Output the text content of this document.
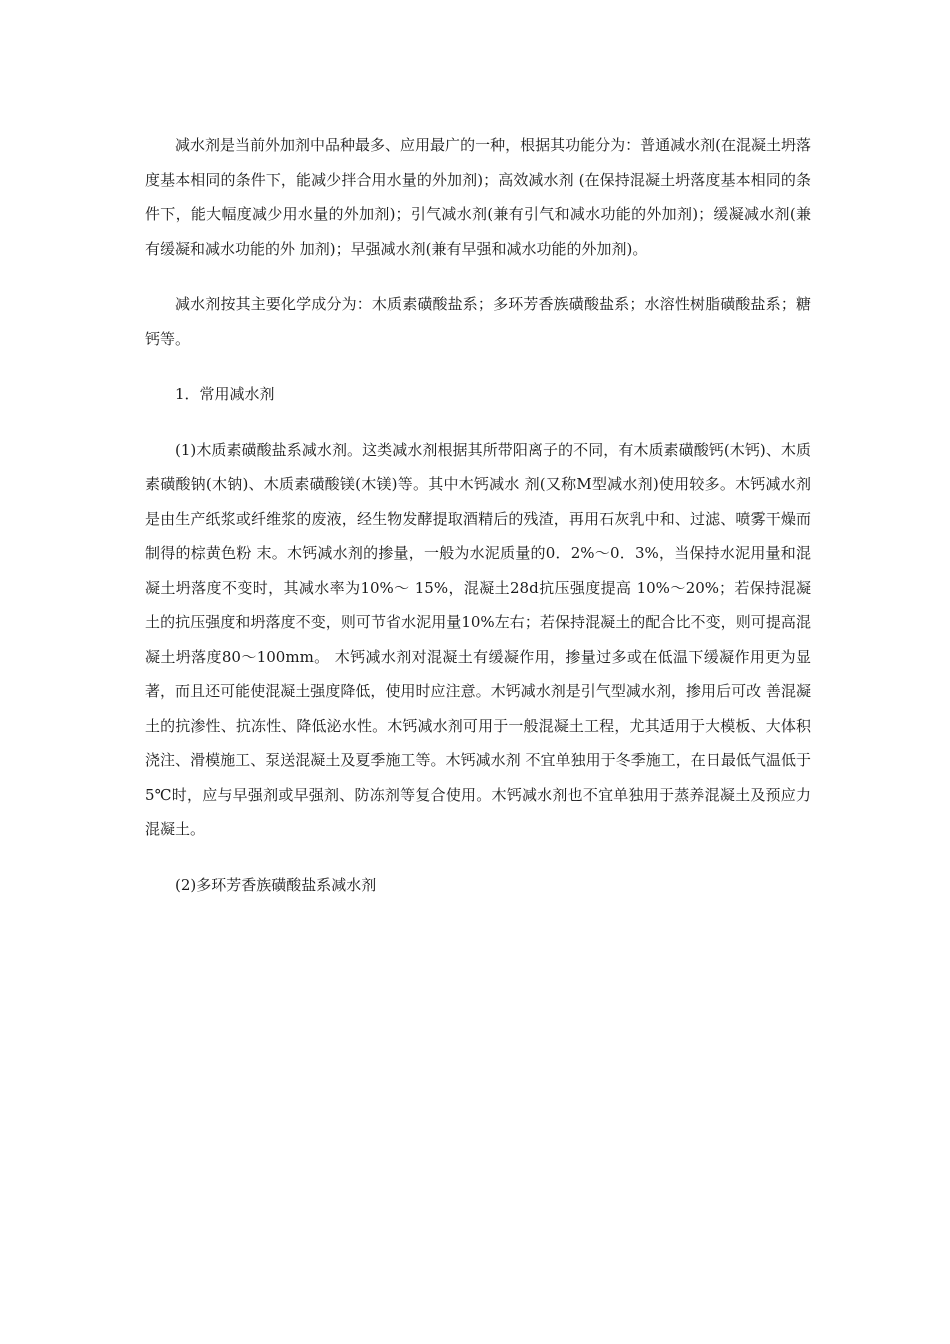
减水剂是当前外加剂中品种最多、应用最广的一种，根据其功能分为：普通减水剂(在混凝土坍落度基本相同的条件下，能减少拌合用水量的外加剂)；高效减水剂 (在保持混凝土坍落度基本相同的条件下，能大幅度减少用水量的外加剂)；引气减水剂(兼有引气和减水功能的外加剂)；缓凝减水剂(兼有缓凝和减水功能的外 加剂)；早强减水剂(兼有早强和减水功能的外加剂)。

减水剂按其主要化学成分为：木质素磺酸盐系；多环芳香族磺酸盐系；水溶性树脂磺酸盐系；糖钙等。

1．常用减水剂

(1)木质素磺酸盐系减水剂。这类减水剂根据其所带阳离子的不同，有木质素磺酸钙(木钙)、木质素磺酸钠(木钠)、木质素磺酸镁(木镁)等。其中木钙减水 剂(又称M型减水剂)使用较多。木钙减水剂是由生产纸浆或纤维浆的废液，经生物发酵提取酒精后的残渣，再用石灰乳中和、过滤、喷雾干燥而制得的棕黄色粉 末。木钙减水剂的掺量，一般为水泥质量的0．2%～0．3%，当保持水泥用量和混凝土坍落度不变时，其减水率为10%～ 15%，混凝土28d抗压强度提高 10%～20%；若保持混凝土的抗压强度和坍落度不变，则可节省水泥用量10%左右；若保持混凝土的配合比不变，则可提高混凝土坍落度80～100mm。 木钙减水剂对混凝土有缓凝作用，掺量过多或在低温下缓凝作用更为显著，而且还可能使混凝土强度降低，使用时应注意。木钙减水剂是引气型减水剂，掺用后可改 善混凝土的抗渗性、抗冻性、降低泌水性。木钙减水剂可用于一般混凝土工程，尤其适用于大模板、大体积浇注、滑模施工、泵送混凝土及夏季施工等。木钙减水剂 不宜单独用于冬季施工，在日最低气温低于5℃时，应与早强剂或早强剂、防冻剂等复合使用。木钙减水剂也不宜单独用于蒸养混凝土及预应力混凝土。

(2)多环芳香族磺酸盐系减水剂
